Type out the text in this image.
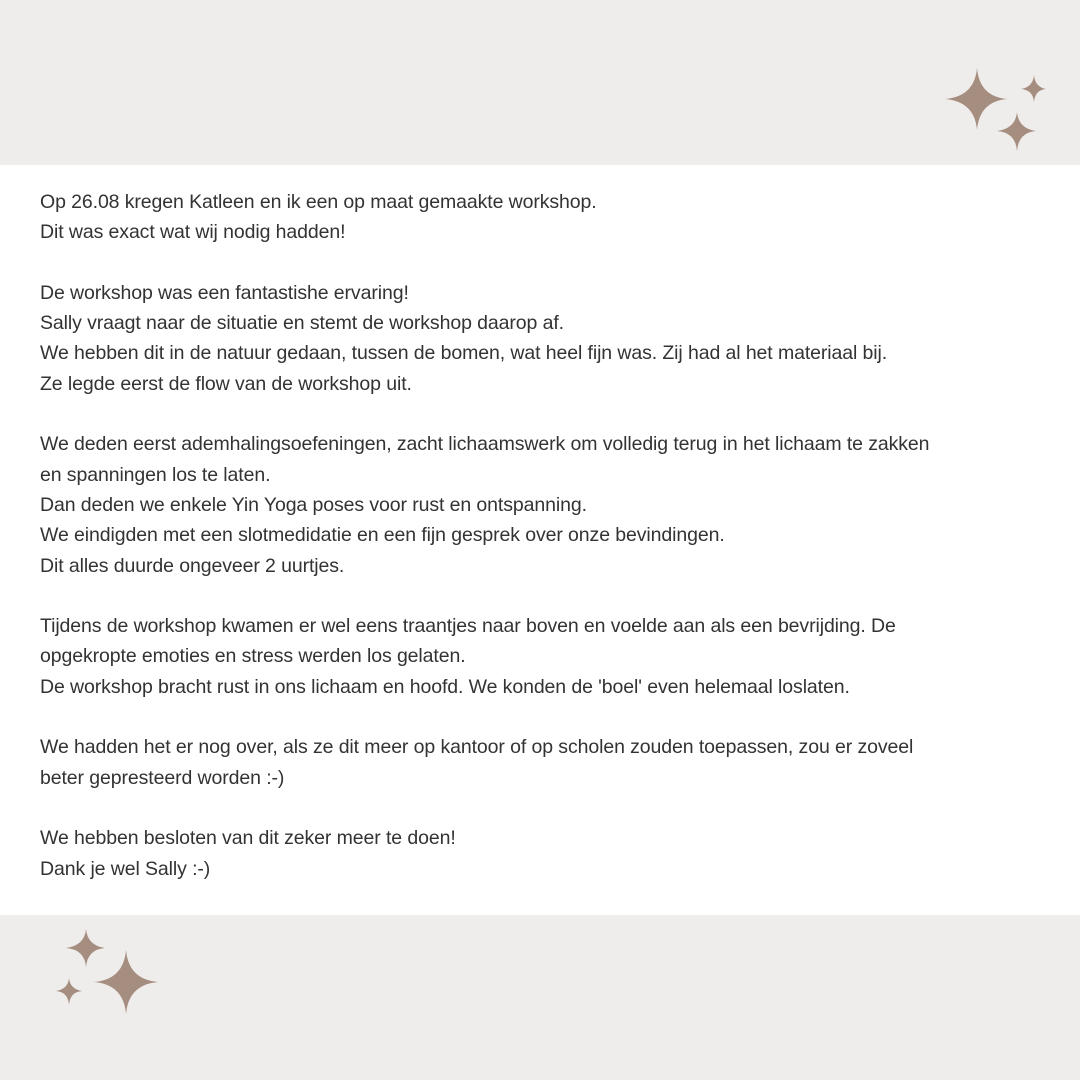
Op 26.08 kregen Katleen en ik een op maat gemaakte workshop.
Dit was exact wat wij nodig hadden!

De workshop was een fantastishe ervaring!
Sally vraagt naar de situatie en stemt de workshop daarop af.
We hebben dit in de natuur gedaan, tussen de bomen, wat heel fijn was. Zij had al het materiaal bij.
Ze legde eerst de flow van de workshop uit.

We deden eerst ademhalingsoefeningen, zacht lichaamswerk om volledig terug in het lichaam te zakken
en spanningen los te laten.
Dan deden we enkele Yin Yoga poses voor rust en ontspanning.
We eindigden met een slotmedidatie en een fijn gesprek over onze bevindingen.
Dit alles duurde ongeveer 2 uurtjes.

Tijdens de workshop kwamen er wel eens traantjes naar boven en voelde aan als een bevrijding. De
opgekropte emoties en stress werden los gelaten.
De workshop bracht rust in ons lichaam en hoofd. We konden de 'boel' even helemaal loslaten.

We hadden het er nog over, als ze dit meer op kantoor of op scholen zouden toepassen, zou er zoveel
beter gepresteerd worden :-)

We hebben besloten van dit zeker meer te doen!
Dank je wel Sally :-)
